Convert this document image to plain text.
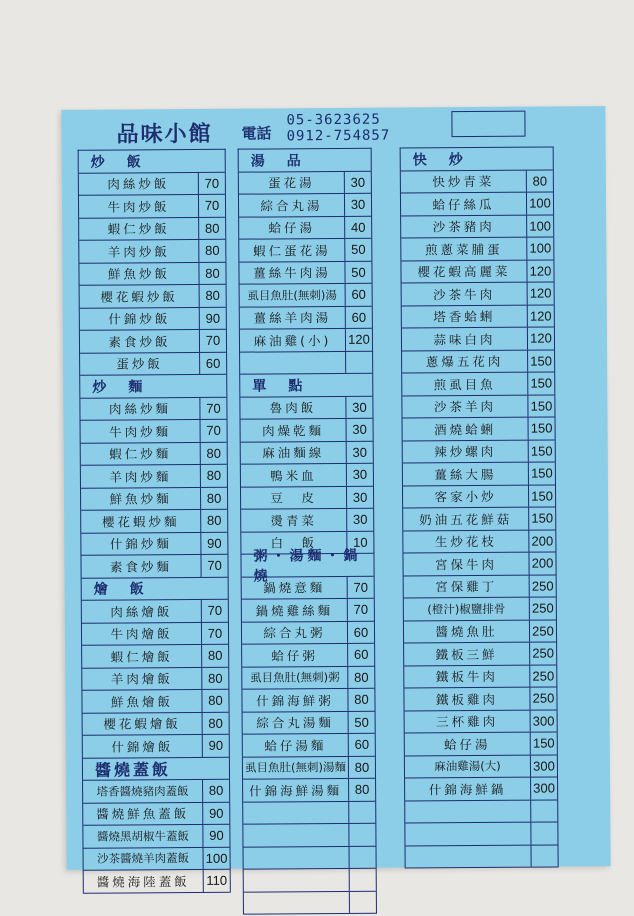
品味小館 電話
05-3623625
0912-754857
炒　飯
肉絲炒飯	70
牛肉炒飯	70
蝦仁炒飯	80
羊肉炒飯	80
鮮魚炒飯	80
櫻花蝦炒飯	80
什錦炒飯	90
素食炒飯	70
蛋炒飯	60
炒　麵
肉絲炒麵	70
牛肉炒麵	70
蝦仁炒麵	80
羊肉炒麵	80
鮮魚炒麵	80
櫻花蝦炒麵	80
什錦炒麵	90
素食炒麵	70
燴　飯
肉絲燴飯	70
牛肉燴飯	70
蝦仁燴飯	80
羊肉燴飯	80
鮮魚燴飯	80
櫻花蝦燴飯	80
什錦燴飯	90
醬燒蓋飯
塔香醬燒豬肉蓋飯	80
醬燒鮮魚蓋飯	90
醬燒黑胡椒牛蓋飯	90
沙茶醬燒羊肉蓋飯	100
醬燒海陸蓋飯	110
湯　品
蛋花湯	30
綜合丸湯	30
蛤仔湯	40
蝦仁蛋花湯	50
薑絲牛肉湯	50
虱目魚肚(無刺)湯	60
薑絲羊肉湯	60
麻油雞(小)	120
單　點
魯肉飯	30
肉燥乾麵	30
麻油麵線	30
鴨米血	30
豆　皮	30
燙青菜	30
白　飯	10
粥・湯麵・鍋燒
鍋燒意麵	70
鍋燒雞絲麵	70
綜合丸粥	60
蛤仔粥	60
虱目魚肚(無刺)粥	80
什錦海鮮粥	80
綜合丸湯麵	50
蛤仔湯麵	60
虱目魚肚(無刺)湯麵 80
什錦海鮮湯麵 80
快　炒
快炒青菜	80
蛤仔絲瓜	100
沙茶豬肉	100
煎蔥菜脯蛋	100
櫻花蝦高麗菜	120
沙茶牛肉	120
塔香蛤蜊	120
蒜味白肉	120
蔥爆五花肉	150
煎虱目魚	150
沙茶羊肉	150
酒燒蛤蜊	150
辣炒螺肉	150
薑絲大腸	150
客家小炒	150
奶油五花鮮菇	150
生炒花枝	200
宮保牛肉	200
宮保雞丁	250
(橙汁)椒鹽排骨	250
醬燒魚肚	250
鐵板三鮮	250
鐵板牛肉	250
鐵板雞肉	250
三杯雞肉	300
蛤仔湯	150
麻油雞湯(大)	300
什錦海鮮鍋	300
